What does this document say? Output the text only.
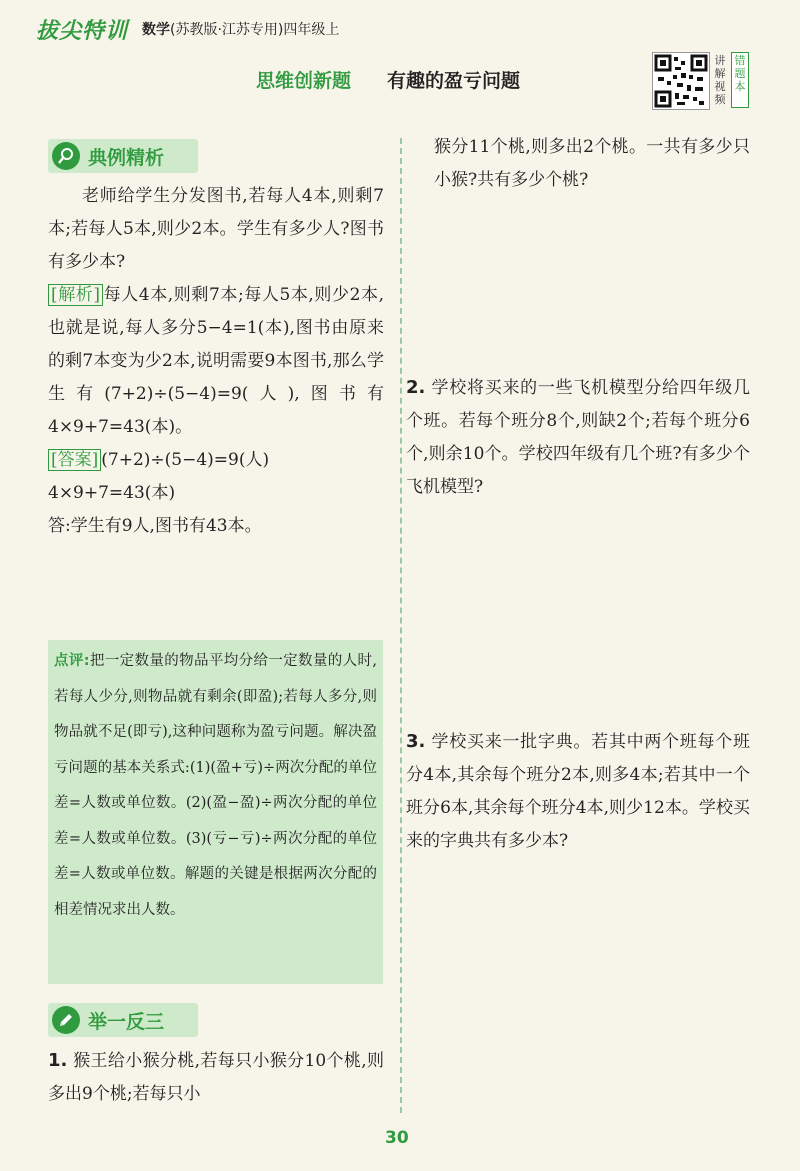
拔尖特训 数学(苏教版·江苏专用)四年级上
思维创新题 有趣的盈亏问题
讲解视频
错题本
典例精析

老师给学生分发图书,若每人4本,则剩7本;若每人5本,则少2本。学生有多少人?图书有多少本?

[解析] 每人4本,则剩7本;每人5本,则少2本,也就是说,每人多分5−4=1(本),图书由原来的剩7本变为少2本,说明需要9本图书,那么学生有(7+2)÷(5−4)=9(人),图书有4×9+7=43(本)。

[答案] (7+2)÷(5−4)=9(人)

4×9+7=43(本)

答:学生有9人,图书有43本。

点评:把一定数量的物品平均分给一定数量的人时,若每人少分,则物品就有剩余(即盈);若每人多分,则物品就不足(即亏),这种问题称为盈亏问题。解决盈亏问题的基本关系式:(1)(盈+亏)÷两次分配的单位差=人数或单位数。(2)(盈−盈)÷两次分配的单位差=人数或单位数。(3)(亏−亏)÷两次分配的单位差=人数或单位数。解题的关键是根据两次分配的相差情况求出人数。
举一反三

1. 猴王给小猴分桃,若每只小猴分10个桃,则多出9个桃;若每只小

猴分11个桃,则多出2个桃。一共有多少只小猴?共有多少个桃?

2. 学校将买来的一些飞机模型分给四年级几个班。若每个班分8个,则缺2个;若每个班分6个,则余10个。学校四年级有几个班?有多少个飞机模型?

3. 学校买来一批字典。若其中两个班每个班分4本,其余每个班分2本,则多4本;若其中一个班分6本,其余每个班分4本,则少12本。学校买来的字典共有多少本?

30
